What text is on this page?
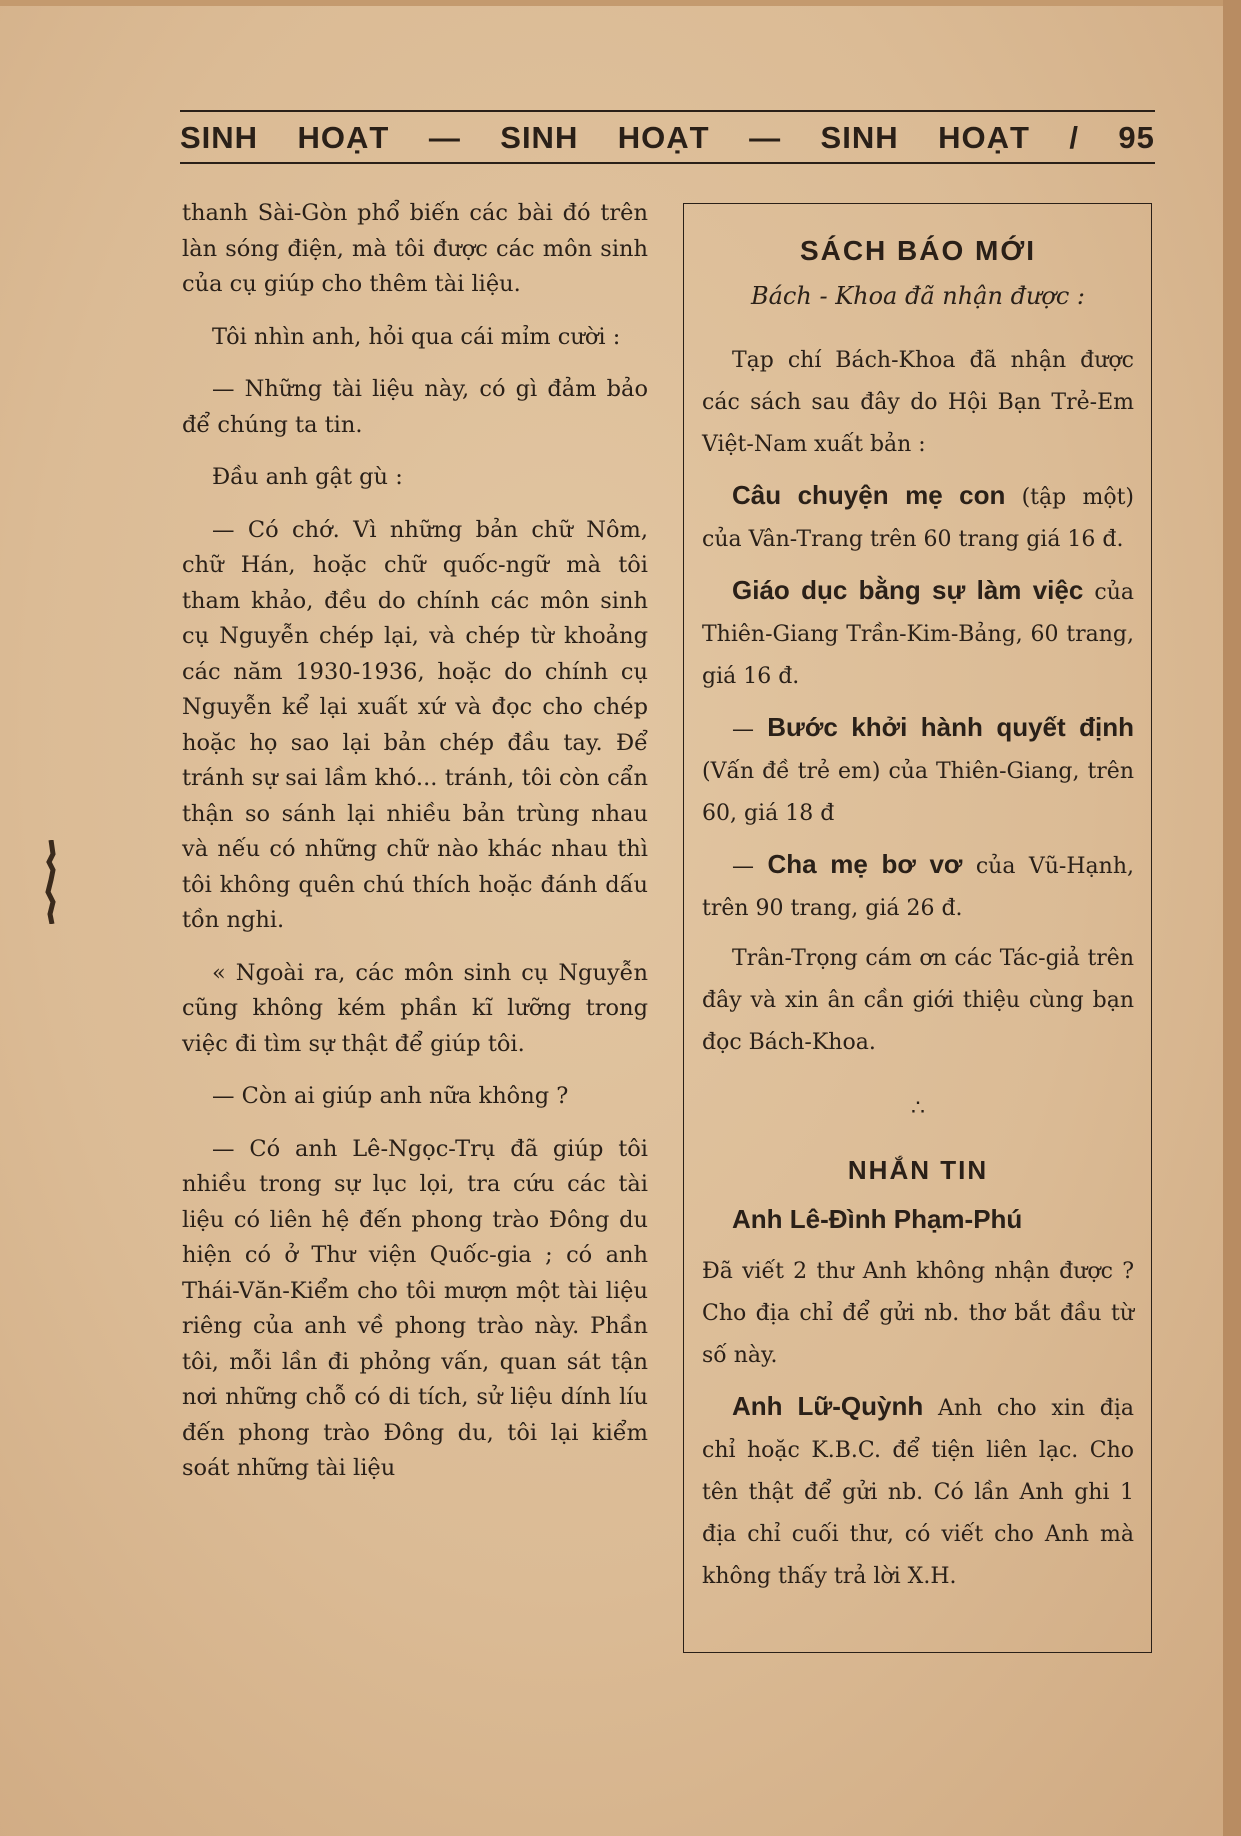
SINH HOẠT — SINH HOẠT — SINH HOẠT / 95

thanh Sài-Gòn phổ biến các bài đó trên làn sóng điện, mà tôi được các môn sinh của cụ giúp cho thêm tài liệu.

Tôi nhìn anh, hỏi qua cái mỉm cười :

— Những tài liệu này, có gì đảm bảo để chúng ta tin.

Đầu anh gật gù :

— Có chớ. Vì những bản chữ Nôm, chữ Hán, hoặc chữ quốc-ngữ mà tôi tham khảo, đều do chính các môn sinh cụ Nguyễn chép lại, và chép từ khoảng các năm 1930-1936, hoặc do chính cụ Nguyễn kể lại xuất xứ và đọc cho chép hoặc họ sao lại bản chép đầu tay. Để tránh sự sai lầm khó... tránh, tôi còn cẩn thận so sánh lại nhiều bản trùng nhau và nếu có những chữ nào khác nhau thì tôi không quên chú thích hoặc đánh dấu tồn nghi.

« Ngoài ra, các môn sinh cụ Nguyễn cũng không kém phần kĩ lưỡng trong việc đi tìm sự thật để giúp tôi.

— Còn ai giúp anh nữa không ?

— Có anh Lê-Ngọc-Trụ đã giúp tôi nhiều trong sự lục lọi, tra cứu các tài liệu có liên hệ đến phong trào Đông du hiện có ở Thư viện Quốc-gia ; có anh Thái-Văn-Kiểm cho tôi mượn một tài liệu riêng của anh về phong trào này. Phần tôi, mỗi lần đi phỏng vấn, quan sát tận nơi những chỗ có di tích, sử liệu dính líu đến phong trào Đông du, tôi lại kiểm soát những tài liệu

SÁCH BÁO MỚI
Bách - Khoa đã nhận được :

Tạp chí Bách-Khoa đã nhận được các sách sau đây do Hội Bạn Trẻ-Em Việt-Nam xuất bản :

Câu chuyện mẹ con (tập một) của Vân-Trang trên 60 trang giá 16 đ.

Giáo dục bằng sự làm việc của Thiên-Giang Trần-Kim-Bảng, 60 trang, giá 16 đ.

— Bước khởi hành quyết định (Vấn đề trẻ em) của Thiên-Giang, trên 60, giá 18 đ

— Cha mẹ bơ vơ của Vũ-Hạnh, trên 90 trang, giá 26 đ.

Trân-Trọng cám ơn các Tác-giả trên đây và xin ân cần giới thiệu cùng bạn đọc Bách-Khoa.

∴
NHẮN TIN

Anh Lê-Đình Phạm-Phú

Đã viết 2 thư Anh không nhận được ? Cho địa chỉ để gửi nb. thơ bắt đầu từ số này.

Anh Lữ-Quỳnh Anh cho xin địa chỉ hoặc K.B.C. để tiện liên lạc. Cho tên thật để gửi nb. Có lần Anh ghi 1 địa chỉ cuối thư, có viết cho Anh mà không thấy trả lời X.H.
